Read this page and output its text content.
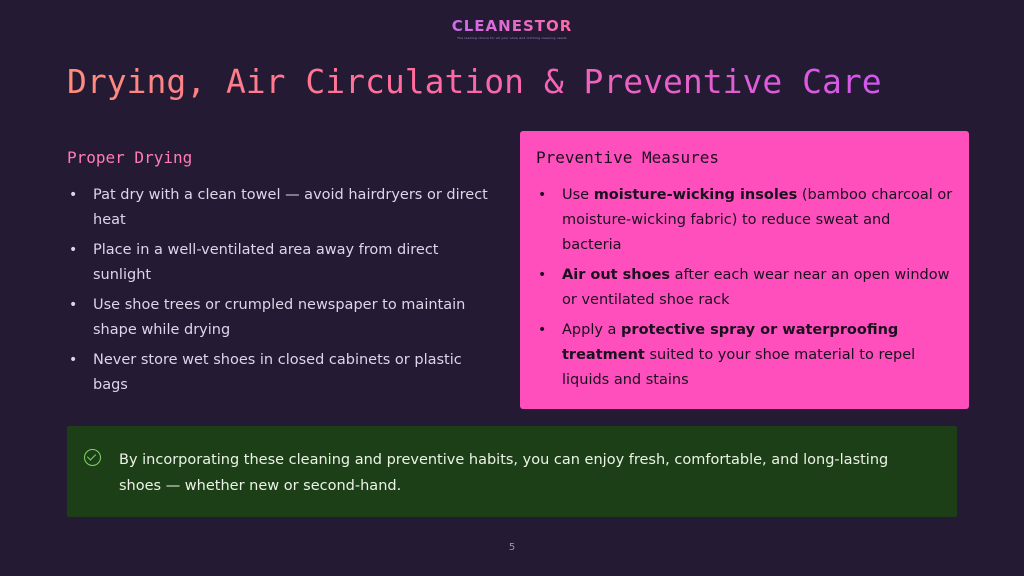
CLEANESTOR
The leading choice for all your shoe and clothing cleaning needs
Drying, Air Circulation & Preventive Care
Proper Drying
• Pat dry with a clean towel — avoid hairdryers or direct heat
• Place in a well-ventilated area away from direct sunlight
• Use shoe trees or crumpled newspaper to maintain shape while drying
• Never store wet shoes in closed cabinets or plastic bags
Preventive Measures
• Use moisture-wicking insoles (bamboo charcoal or moisture-wicking fabric) to reduce sweat and bacteria
• Air out shoes after each wear near an open window or ventilated shoe rack
• Apply a protective spray or waterproofing treatment suited to your shoe material to repel liquids and stains
By incorporating these cleaning and preventive habits, you can enjoy fresh, comfortable, and long-lasting shoes — whether new or second-hand.
5
